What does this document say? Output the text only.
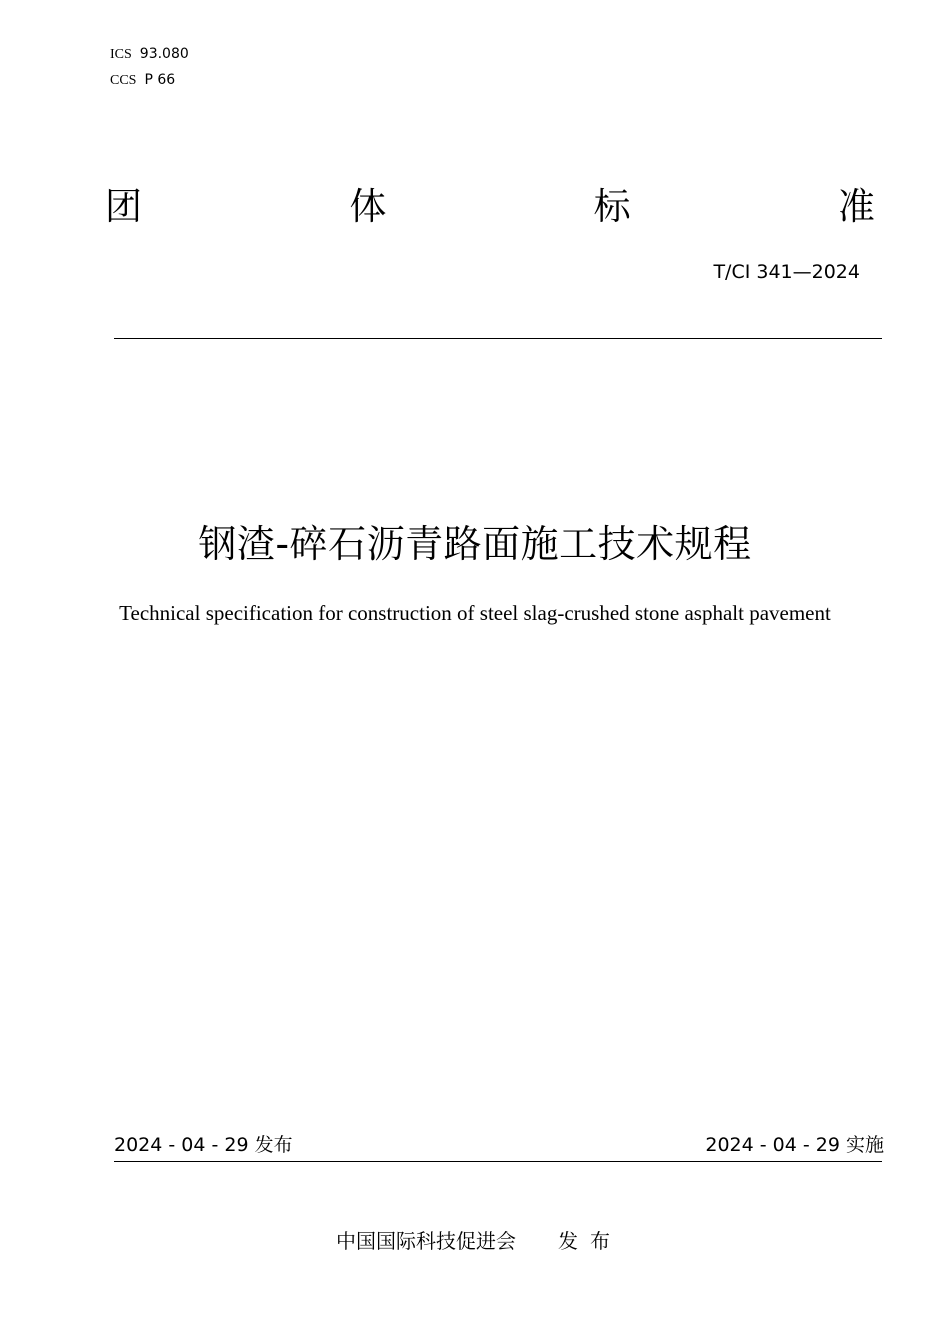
ICS 93.080
CCS P 66
团	体	标	准
T/CI 341—2024
钢渣-碎石沥青路面施工技术规程
Technical specification for construction of steel slag-crushed stone asphalt pavement
2024 - 04 - 29 发布	2024 - 04 - 29 实施
中国国际科技促进会 发布
